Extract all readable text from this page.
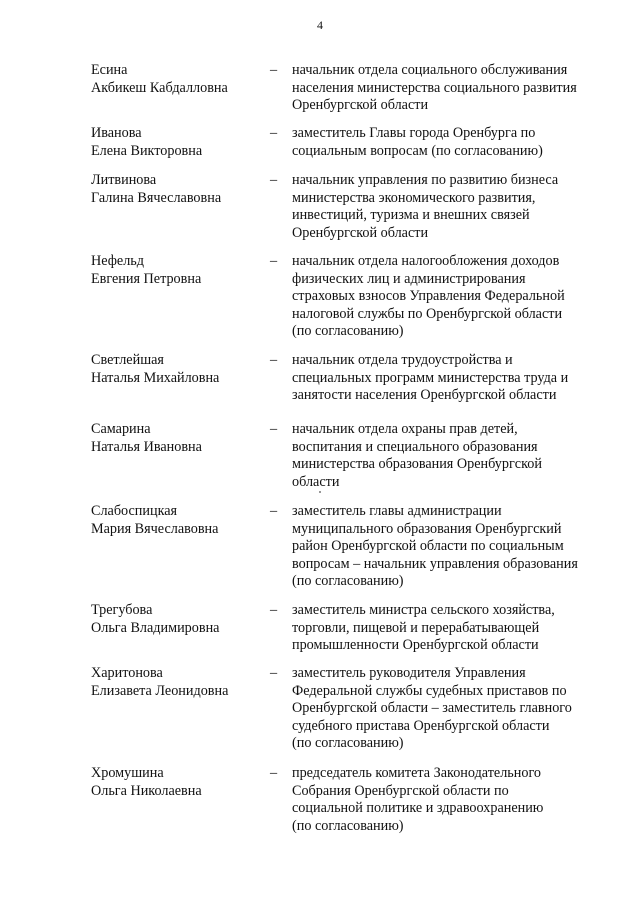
4
Есина
Акбикеш Кабдалловна
–	начальник отдела социального обслуживания
населения министерства социального развития
Оренбургской области
Иванова
Елена Викторовна
–	заместитель Главы города Оренбурга по
социальным вопросам (по согласованию)
Литвинова
Галина Вячеславовна
–	начальник управления по развитию бизнеса
министерства экономического развития,
инвестиций, туризма и внешних связей
Оренбургской области
Нефельд
Евгения Петровна
–	начальник отдела налогообложения доходов
физических лиц и администрирования
страховых взносов Управления Федеральной
налоговой службы по Оренбургской области
(по согласованию)
Светлейшая
Наталья Михайловна
–	начальник отдела трудоустройства и
специальных программ министерства труда и
занятости населения Оренбургской области
Самарина
Наталья Ивановна
–	начальник отдела охраны прав детей,
воспитания и специального образования
министерства образования Оренбургской
области
Слабоспицкая
Мария Вячеславовна
–	заместитель главы администрации
муниципального образования Оренбургский
район Оренбургской области по социальным
вопросам – начальник управления образования
(по согласованию)
Трегубова
Ольга Владимировна
–	заместитель министра сельского хозяйства,
торговли, пищевой и перерабатывающей
промышленности Оренбургской области
Харитонова
Елизавета Леонидовна
–	заместитель руководителя Управления
Федеральной службы судебных приставов по
Оренбургской области – заместитель главного
судебного пристава Оренбургской области
(по согласованию)
Хромушина
Ольга Николаевна
–	председатель комитета Законодательного
Собрания Оренбургской области по
социальной политике и здравоохранению
(по согласованию)
